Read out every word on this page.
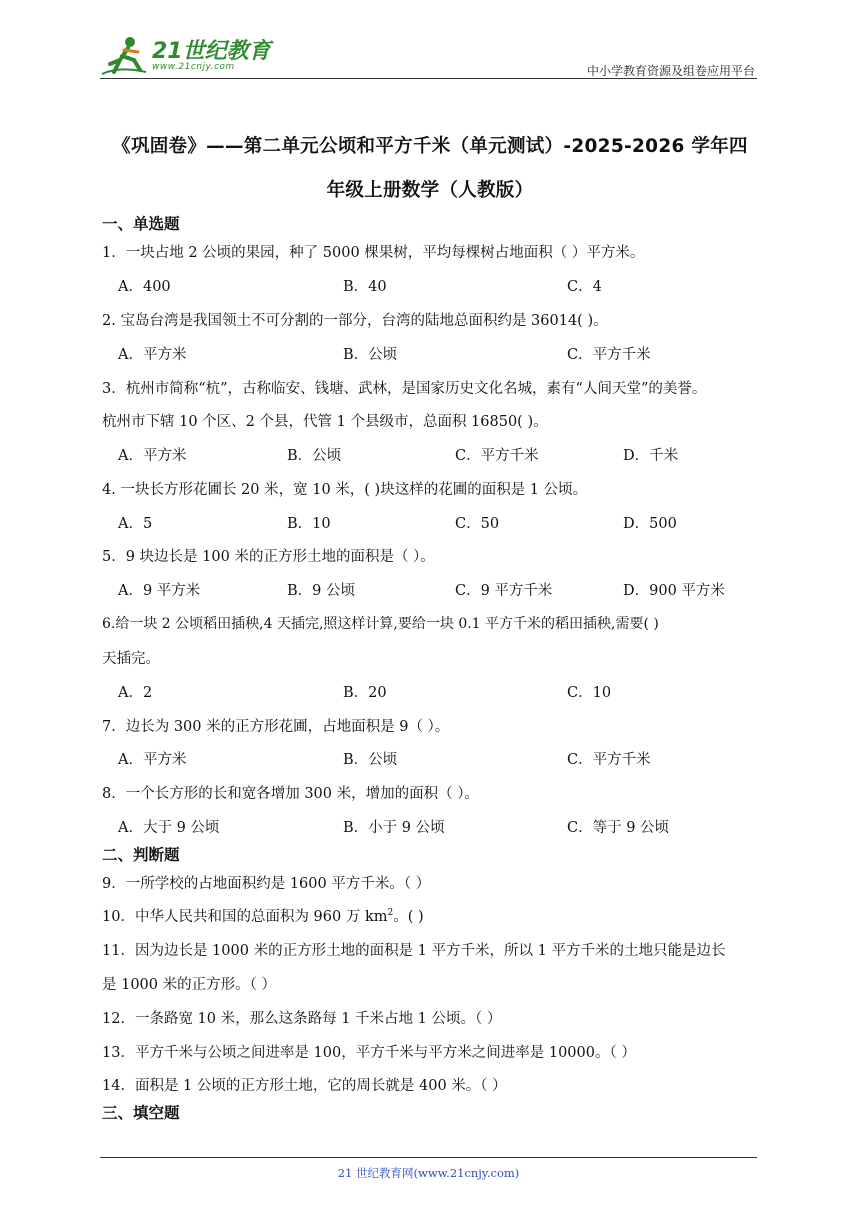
21世纪教育
www.21cnjy.com	中小学教育资源及组卷应用平台
《巩固卷》——第二单元公顷和平方千米（单元测试）-2025-2026 学年四
年级上册数学（人教版）
一、单选题
1．一块占地 2 公顷的果园，种了 5000 棵果树，平均每棵树占地面积（ ）平方米。
A．400	B．40	C．4
2. 宝岛台湾是我国领土不可分割的一部分，台湾的陆地总面积约是 36014( )。
A．平方米	B．公顷	C．平方千米
3．杭州市简称“杭”，古称临安、钱塘、武林，是国家历史文化名城，素有“人间天堂”的美誉。
杭州市下辖 10 个区、2 个县，代管 1 个县级市，总面积 16850( )。
A．平方米	B．公顷	C．平方千米	D．千米
4. 一块长方形花圃长 20 米，宽 10 米，( )块这样的花圃的面积是 1 公顷。
A．5	B．10	C．50	D．500
5．9 块边长是 100 米的正方形土地的面积是（ ）。
A．9 平方米	B．9 公顷	C．9 平方千米	D．900 平方米
6.给一块 2 公顷稻田插秧,4 天插完,照这样计算,要给一块 0.1 平方千米的稻田插秧,需要( )
天插完。
A．2	B．20	C．10
7．边长为 300 米的正方形花圃，占地面积是 9（ ）。
A．平方米	B．公顷	C．平方千米
8．一个长方形的长和宽各增加 300 米，增加的面积（ ）。
A．大于 9 公顷	B．小于 9 公顷	C．等于 9 公顷
二、判断题
9．一所学校的占地面积约是 1600 平方千米。（ ）
10．中华人民共和国的总面积为 960 万 $km^2$。( )
11．因为边长是 1000 米的正方形土地的面积是 1 平方千米，所以 1 平方千米的土地只能是边长
是 1000 米的正方形。（ ）
12．一条路宽 10 米，那么这条路每 1 千米占地 1 公顷。（ ）
13．平方千米与公顷之间进率是 100，平方千米与平方米之间进率是 10000。（ ）
14．面积是 1 公顷的正方形土地，它的周长就是 400 米。（ ）
三、填空题
21 世纪教育网(www.21cnjy.com)
